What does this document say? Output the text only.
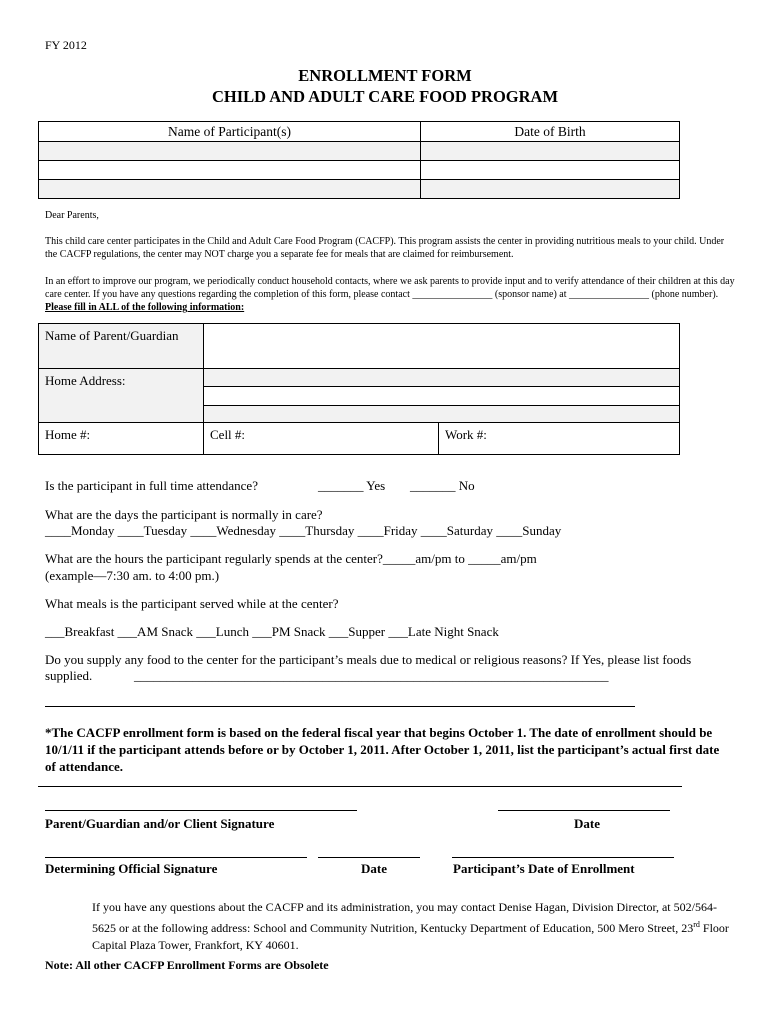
FY 2012
ENROLLMENT FORM
CHILD AND ADULT CARE FOOD PROGRAM
Name of Participant(s)	Date of Birth

Dear Parents,
This child care center participates in the Child and Adult Care Food Program (CACFP). This program assists the center in providing nutritious meals to your child. Under the CACFP regulations, the center may NOT charge you a separate fee for meals that are claimed for reimbursement.
In an effort to improve our program, we periodically conduct household contacts, where we ask parents to provide input and to verify attendance of their children at this day care center. If you have any questions regarding the completion of this form, please contact ________________ (sponsor name) at ________________ (phone number). Please fill in ALL of the following information:
Name of Parent/Guardian		
Home Address:		

Home #:	Cell #:	Work #:
Is the participant in full time attendance?	_______ Yes _______ No
What are the days the participant is normally in care?
____Monday ____Tuesday ____Wednesday ____Thursday ____Friday ____Saturday ____Sunday
What are the hours the participant regularly spends at the center?_____am/pm to _____am/pm
(example—7:30 am. to 4:00 pm.)
What meals is the participant served while at the center?
___Breakfast ___AM Snack ___Lunch ___PM Snack ___Supper ___Late Night Snack
Do you supply any food to the center for the participant’s meals due to medical or religious reasons? If Yes, please list foods supplied.	_________________________________________________________________________
*The CACFP enrollment form is based on the federal fiscal year that begins October 1. The date of enrollment should be 10/1/11 if the participant attends before or by October 1, 2011. After October 1, 2011, list the participant’s actual first date of attendance.
Parent/Guardian and/or Client Signature	Date
Determining Official Signature	Date	Participant’s Date of Enrollment
If you have any questions about the CACFP and its administration, you may contact Denise Hagan, Division Director, at 502/564-5625 or at the following address: School and Community Nutrition, Kentucky Department of Education, 500 Mero Street, 23rd Floor Capital Plaza Tower, Frankfort, KY 40601.
Note: All other CACFP Enrollment Forms are Obsolete
